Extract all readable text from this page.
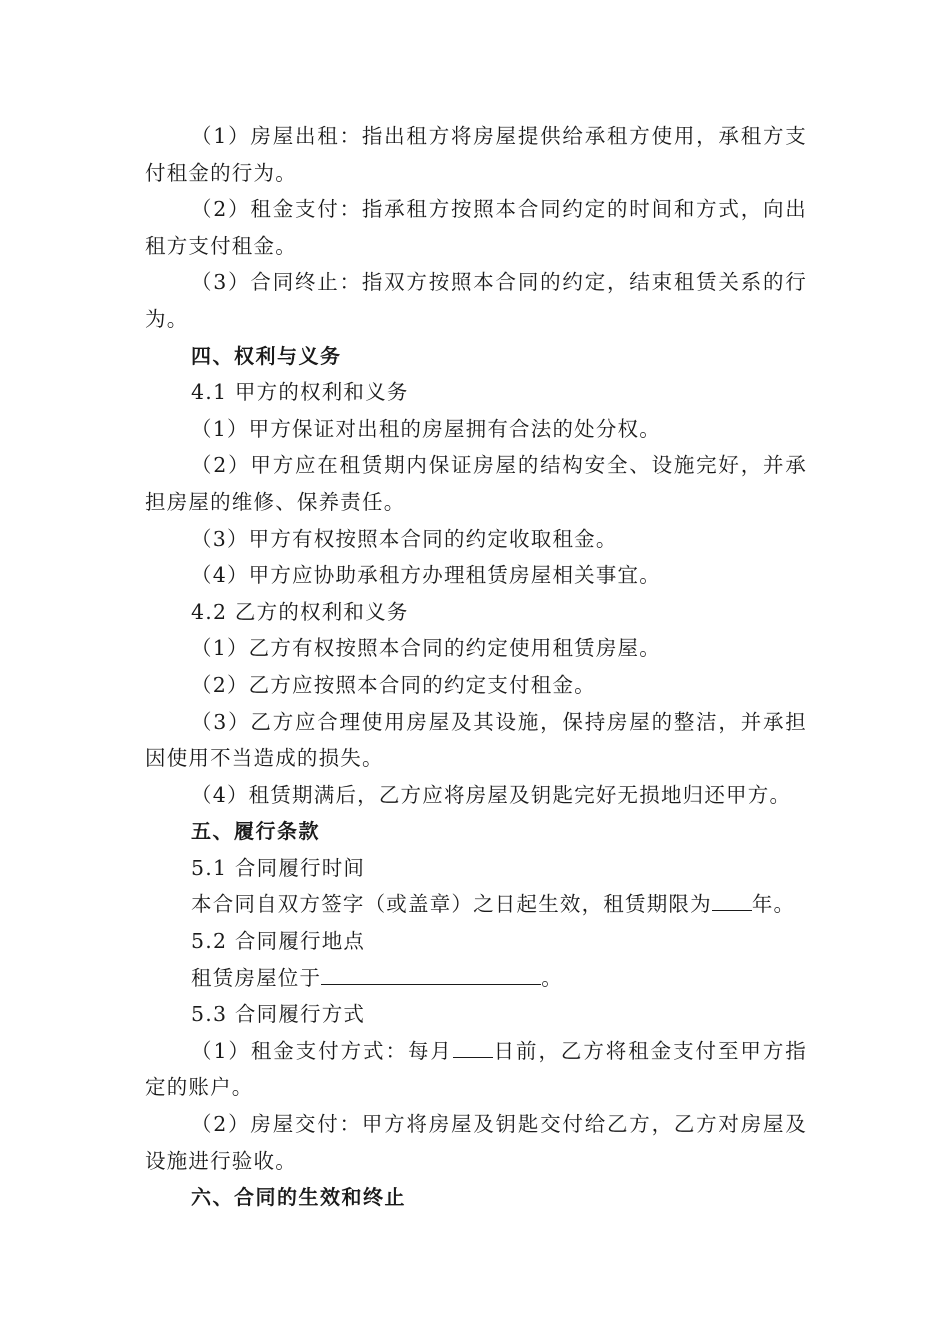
（1）房屋出租：指出租方将房屋提供给承租方使用，承租方支
付租金的行为。
（2）租金支付：指承租方按照本合同约定的时间和方式，向出
租方支付租金。
（3）合同终止：指双方按照本合同的约定，结束租赁关系的行
为。
四、权利与义务
4.1 甲方的权利和义务
（1）甲方保证对出租的房屋拥有合法的处分权。
（2）甲方应在租赁期内保证房屋的结构安全、设施完好，并承
担房屋的维修、保养责任。
（3）甲方有权按照本合同的约定收取租金。
（4）甲方应协助承租方办理租赁房屋相关事宜。
4.2 乙方的权利和义务
（1）乙方有权按照本合同的约定使用租赁房屋。
（2）乙方应按照本合同的约定支付租金。
（3）乙方应合理使用房屋及其设施，保持房屋的整洁，并承担
因使用不当造成的损失。
（4）租赁期满后，乙方应将房屋及钥匙完好无损地归还甲方。
五、履行条款
5.1 合同履行时间
本合同自双方签字（或盖章）之日起生效，租赁期限为 年。
5.2 合同履行地点
租赁房屋位于	。
5.3 合同履行方式
（1）租金支付方式：每月 日前，乙方将租金支付至甲方指
定的账户。
（2）房屋交付：甲方将房屋及钥匙交付给乙方，乙方对房屋及
设施进行验收。
六、合同的生效和终止
